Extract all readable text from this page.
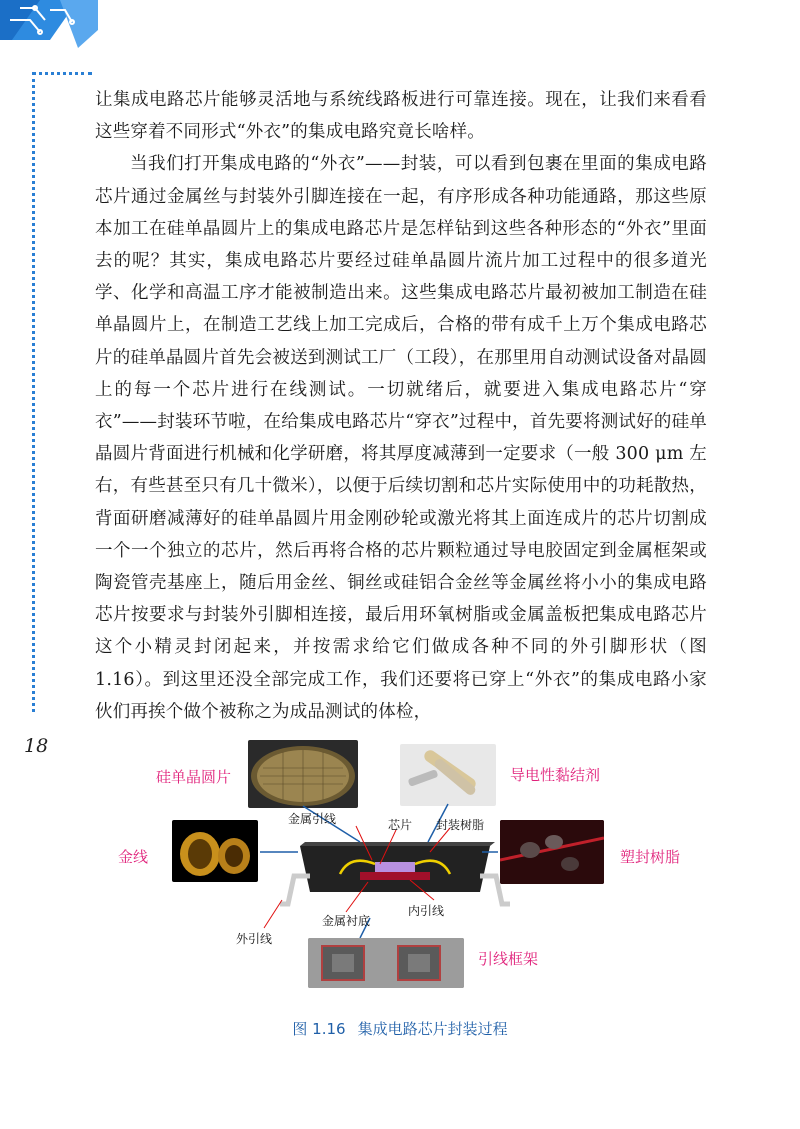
让集成电路芯片能够灵活地与系统线路板进行可靠连接。现在，让我们来看看这些穿着不同形式“外衣”的集成电路究竟长啥样。

当我们打开集成电路的“外衣”——封装，可以看到包裹在里面的集成电路芯片通过金属丝与封装外引脚连接在一起，有序形成各种功能通路，那这些原本加工在硅单晶圆片上的集成电路芯片是怎样钻到这些各种形态的“外衣”里面去的呢？其实，集成电路芯片要经过硅单晶圆片流片加工过程中的很多道光学、化学和高温工序才能被制造出来。这些集成电路芯片最初被加工制造在硅单晶圆片上，在制造工艺线上加工完成后，合格的带有成千上万个集成电路芯片的硅单晶圆片首先会被送到测试工厂（工段），在那里用自动测试设备对晶圆上的每一个芯片进行在线测试。一切就绪后，就要进入集成电路芯片“穿衣”——封装环节啦，在给集成电路芯片“穿衣”过程中，首先要将测试好的硅单晶圆片背面进行机械和化学研磨，将其厚度减薄到一定要求（一般 300 μm 左右，有些甚至只有几十微米），以便于后续切割和芯片实际使用中的功耗散热，背面研磨减薄好的硅单晶圆片用金刚砂轮或激光将其上面连成片的芯片切割成一个一个独立的芯片，然后再将合格的芯片颗粒通过导电胶固定到金属框架或陶瓷管壳基座上，随后用金丝、铜丝或硅铝合金丝等金属丝将小小的集成电路芯片按要求与封装外引脚相连接，最后用环氧树脂或金属盖板把集成电路芯片这个小精灵封闭起来，并按需求给它们做成各种不同的外引脚形状（图 1.16）。到这里还没全部完成工作，我们还要将已穿上“外衣”的集成电路小家伙们再挨个做个被称之为成品测试的体检，

18
硅单晶圆片	导电性黏结剂
金线	塑封树脂
金属引线	芯片 封装树脂
金属衬底
内引线
外引线
引线框架
图 1.16 集成电路芯片封装过程
